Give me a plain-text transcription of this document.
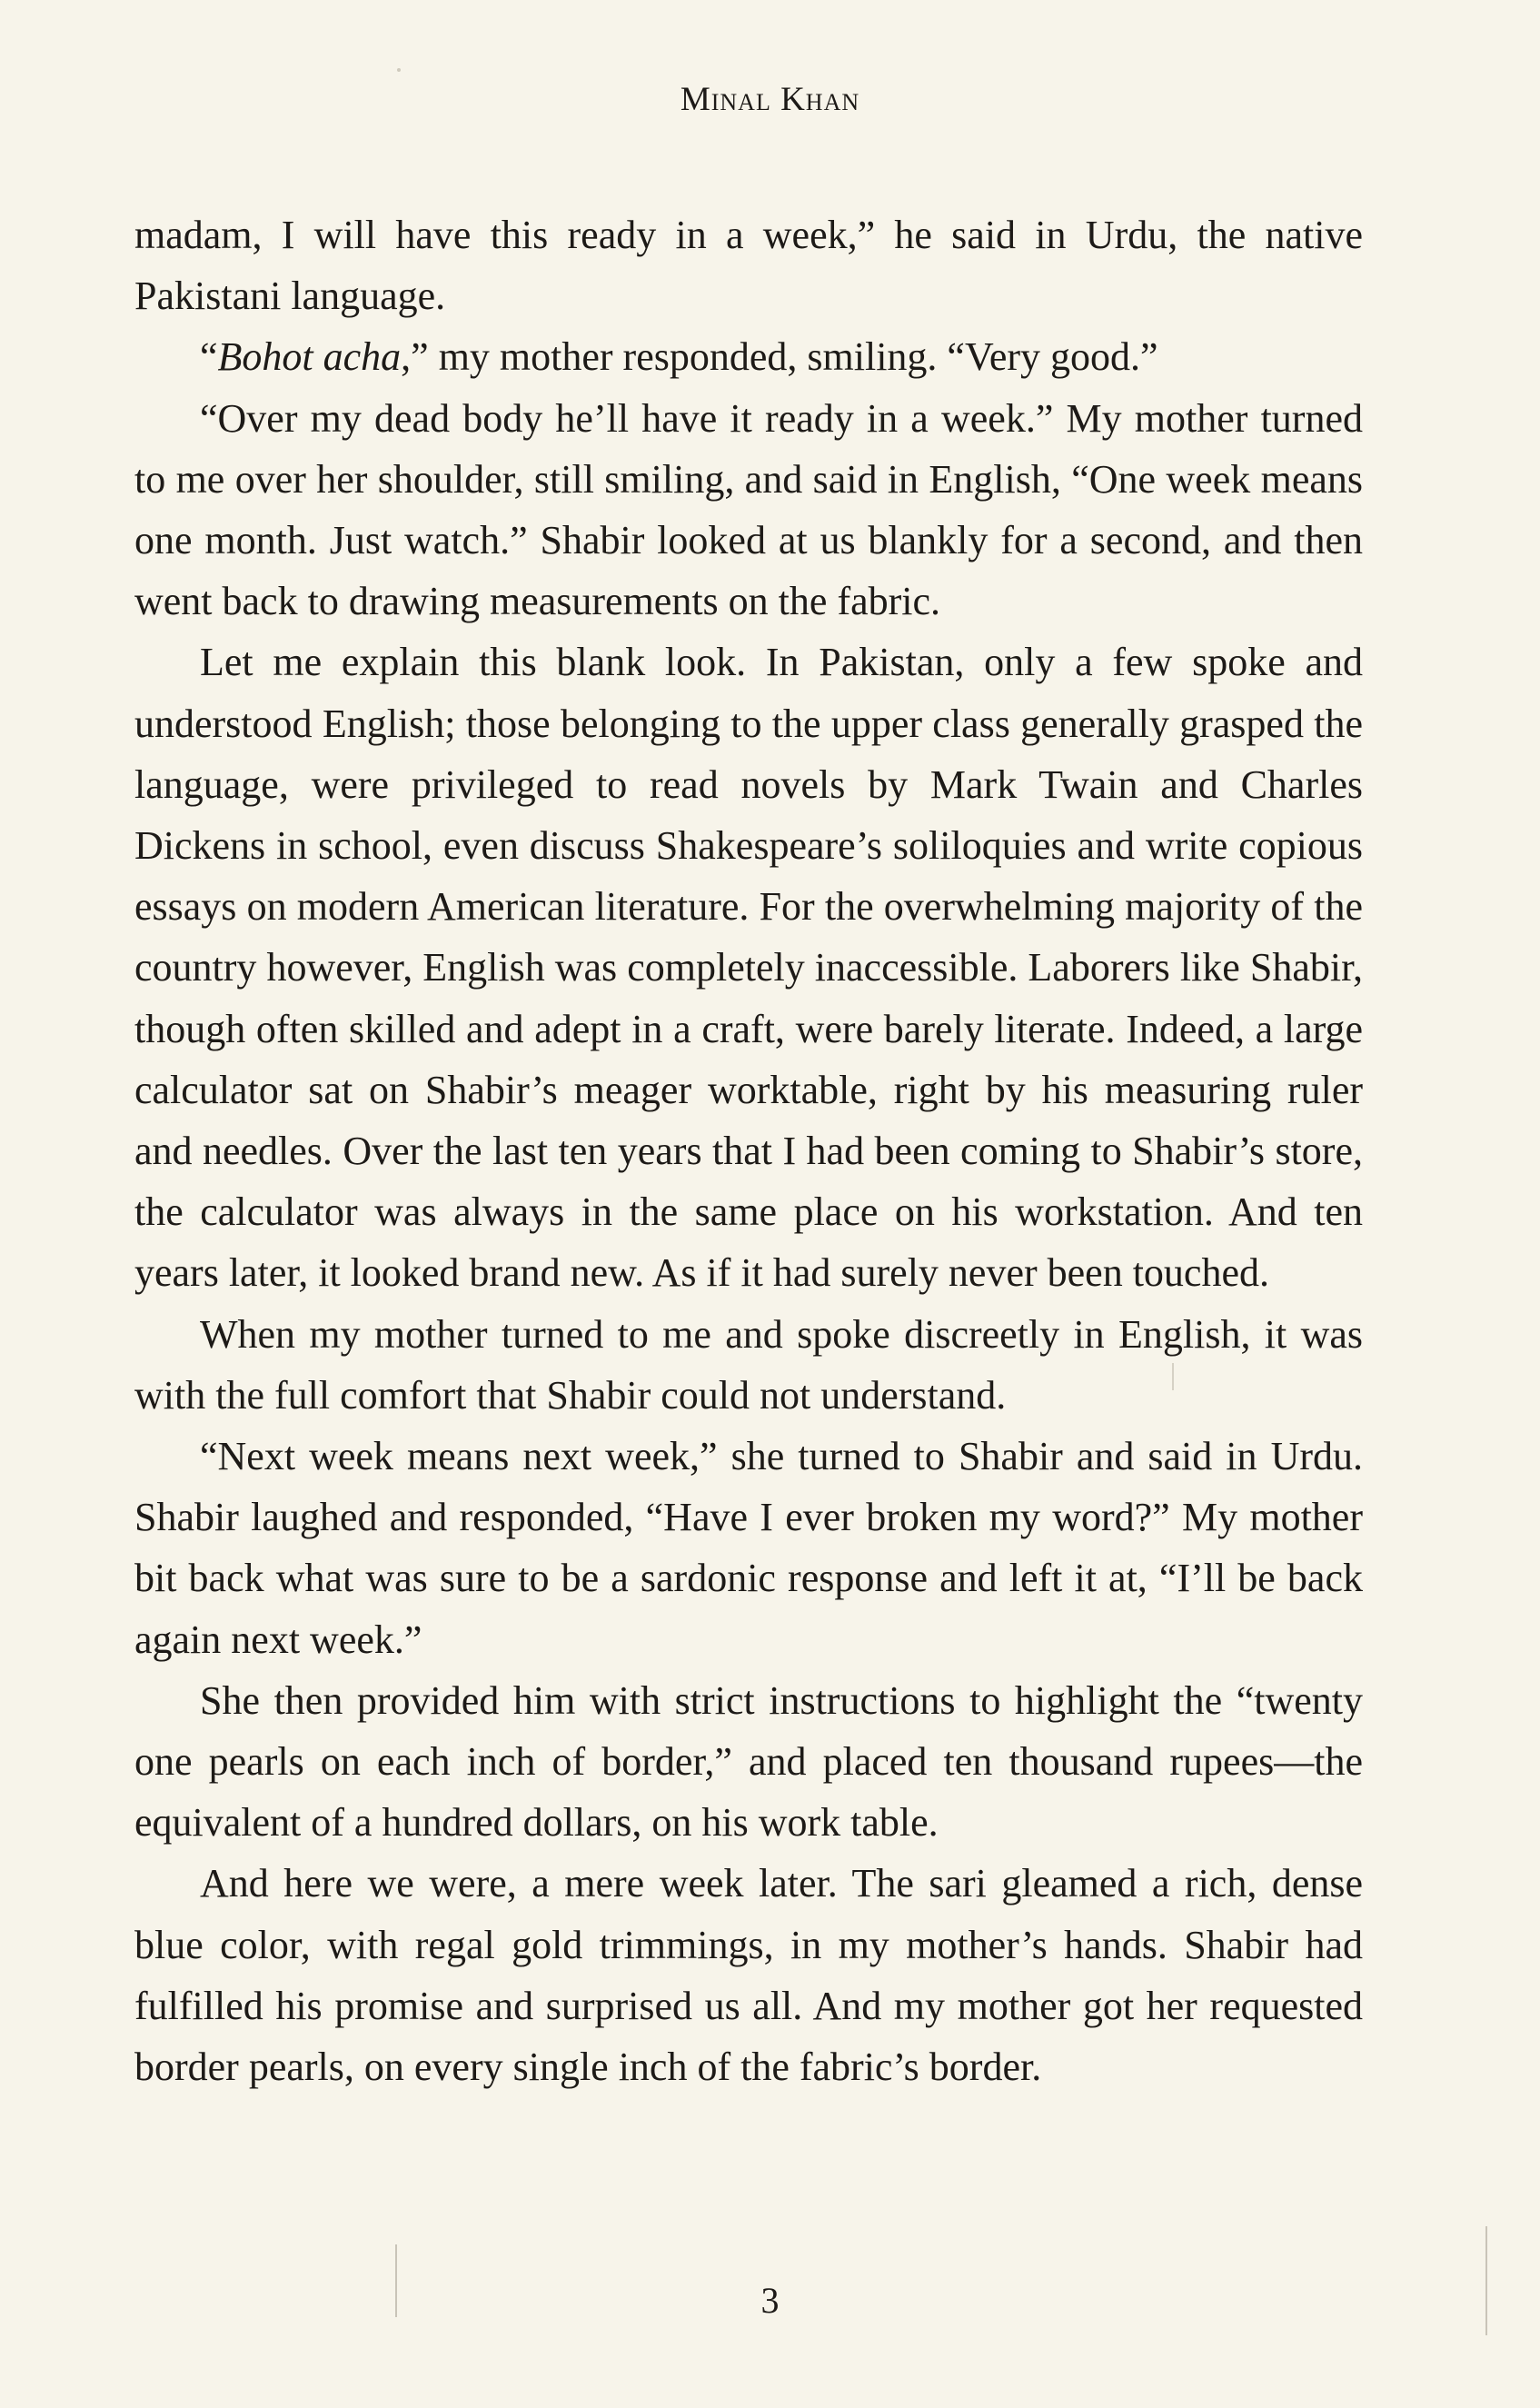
Minal Khan

madam, I will have this ready in a week,” he said in Urdu, the native Pakistani language.

“Bohot acha,” my mother responded, smiling. “Very good.”

“Over my dead body he’ll have it ready in a week.” My mother turned to me over her shoulder, still smiling, and said in English, “One week means one month. Just watch.” Shabir looked at us blankly for a second, and then went back to drawing measurements on the fabric.

Let me explain this blank look. In Pakistan, only a few spoke and understood English; those belonging to the upper class generally grasped the language, were privileged to read novels by Mark Twain and Charles Dickens in school, even discuss Shakespeare’s soliloquies and write copious essays on modern American literature. For the overwhelming majority of the country however, English was completely inaccessible. Laborers like Shabir, though often skilled and adept in a craft, were barely literate. Indeed, a large calculator sat on Shabir’s meager worktable, right by his measuring ruler and needles. Over the last ten years that I had been coming to Shabir’s store, the calculator was always in the same place on his workstation. And ten years later, it looked brand new. As if it had surely never been touched.

When my mother turned to me and spoke discreetly in English, it was with the full comfort that Shabir could not understand.

“Next week means next week,” she turned to Shabir and said in Urdu. Shabir laughed and responded, “Have I ever broken my word?” My mother bit back what was sure to be a sardonic response and left it at, “I’ll be back again next week.”

She then provided him with strict instructions to highlight the “twenty one pearls on each inch of border,” and placed ten thousand rupees—the equivalent of a hundred dollars, on his work table.

And here we were, a mere week later. The sari gleamed a rich, dense blue color, with regal gold trimmings, in my mother’s hands. Shabir had fulfilled his promise and surprised us all. And my mother got her requested border pearls, on every single inch of the fabric’s border.

3
